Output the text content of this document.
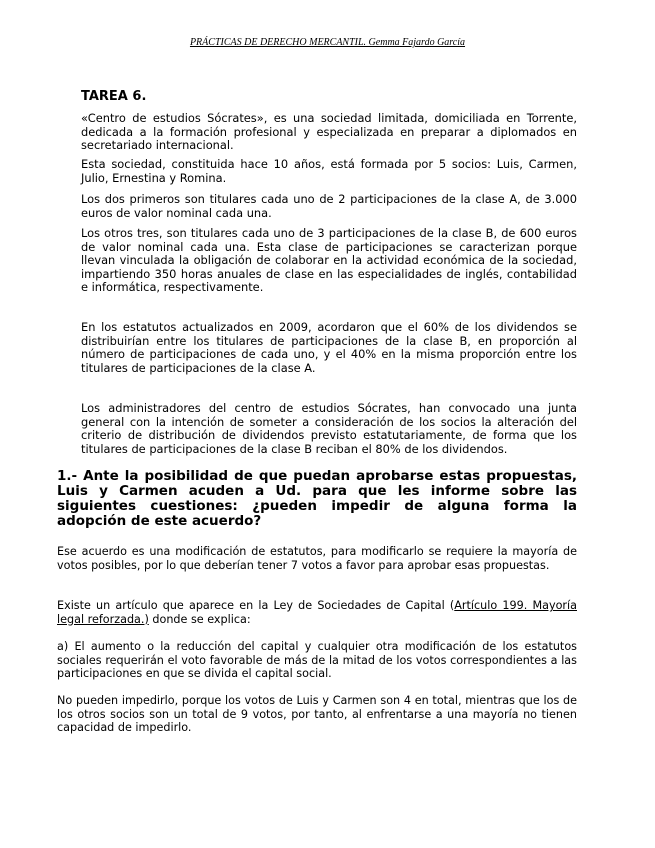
PRÁCTICAS DE DERECHO MERCANTIL. Gemma Fajardo García
TAREA 6.

«Centro de estudios Sócrates», es una sociedad limitada, domiciliada en Torrente, dedicada a la formación profesional y especializada en preparar a diplomados en secretariado internacional.

Esta sociedad, constituida hace 10 años, está formada por 5 socios: Luis, Carmen, Julio, Ernestina y Romina.

Los dos primeros son titulares cada uno de 2 participaciones de la clase A, de 3.000 euros de valor nominal cada una.

Los otros tres, son titulares cada uno de 3 participaciones de la clase B, de 600 euros de valor nominal cada una. Esta clase de participaciones se caracterizan porque llevan vinculada la obligación de colaborar en la actividad económica de la sociedad, impartiendo 350 horas anuales de clase en las especialidades de inglés, contabilidad e informática, respectivamente.

En los estatutos actualizados en 2009, acordaron que el 60% de los dividendos se distribuirían entre los titulares de participaciones de la clase B, en proporción al número de participaciones de cada uno, y el 40% en la misma proporción entre los titulares de participaciones de la clase A.

Los administradores del centro de estudios Sócrates, han convocado una junta general con la intención de someter a consideración de los socios la alteración del criterio de distribución de dividendos previsto estatutariamente, de forma que los titulares de participaciones de la clase B reciban el 80% de los dividendos.

1.- Ante la posibilidad de que puedan aprobarse estas propuestas, Luis y Carmen acuden a Ud. para que les informe sobre las siguientes cuestiones: ¿pueden impedir de alguna forma la adopción de este acuerdo?

Ese acuerdo es una modificación de estatutos, para modificarlo se requiere la mayoría de votos posibles, por lo que deberían tener 7 votos a favor para aprobar esas propuestas.

Existe un artículo que aparece en la Ley de Sociedades de Capital (Artículo 199. Mayoría legal reforzada.) donde se explica:

a) El aumento o la reducción del capital y cualquier otra modificación de los estatutos sociales requerirán el voto favorable de más de la mitad de los votos correspondientes a las participaciones en que se divida el capital social.

No pueden impedirlo, porque los votos de Luis y Carmen son 4 en total, mientras que los de los otros socios son un total de 9 votos, por tanto, al enfrentarse a una mayoría no tienen capacidad de impedirlo.
